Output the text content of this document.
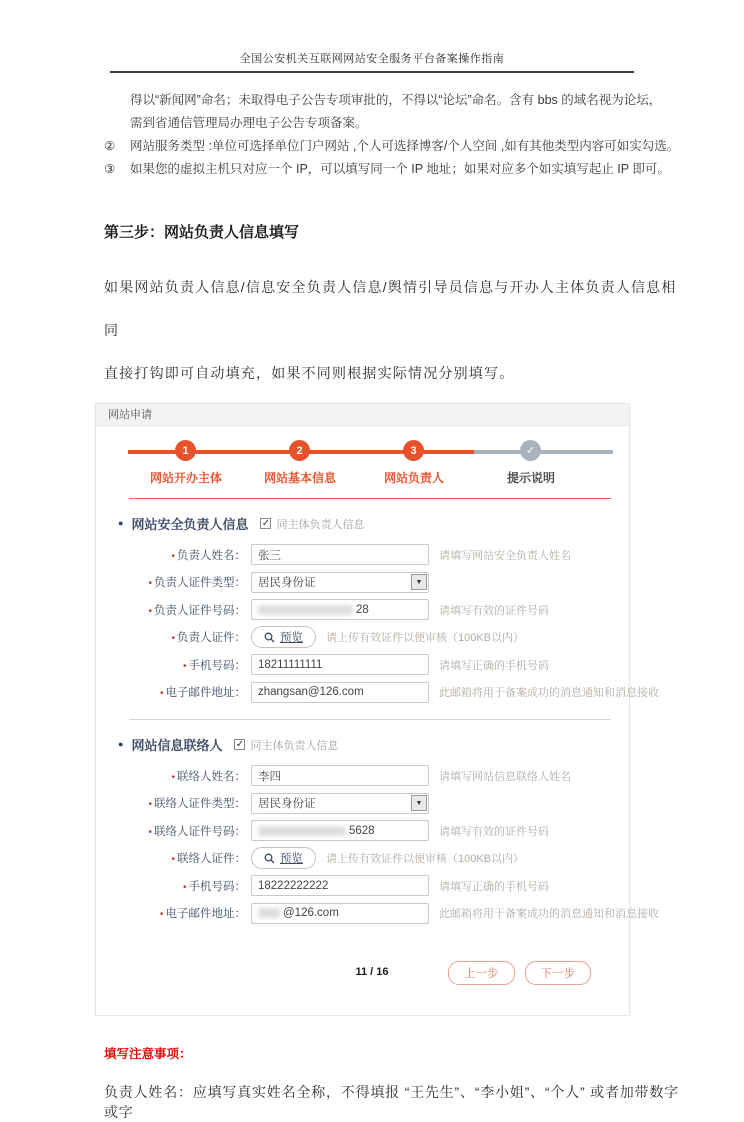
全国公安机关互联网网站安全服务平台备案操作指南
得以“新闻网”命名；未取得电子公告专项审批的，不得以“论坛”命名。含有 bbs 的域名视为论坛，
需到省通信管理局办理电子公告专项备案。
②	网站服务类型 :单位可选择单位门户网站 ,个人可选择博客/个人空间 ,如有其他类型内容可如实勾选。
③	如果您的虚拟主机只对应一个 IP，可以填写同一个 IP 地址；如果对应多个如实填写起止 IP 即可。
第三步：网站负责人信息填写

如果网站负责人信息/信息安全负责人信息/舆情引导员信息与开办人主体负责人信息相同
直接打钩即可自动填充，如果不同则根据实际情况分别填写。

网站申请
1	2	3	✓
网站开办主体	网站基本信息	网站负责人	提示说明
● 网站安全负责人信息 ✓ 同主体负责人信息
• 负责人姓名：
张三	请填写网站安全负责人姓名
• 负责人证件类型： 居民身份证	▼
• 负责人证件号码：	28	请填写有效的证件号码
• 负责人证件：	预览 请上传有效证件以便审核（100KB以内）
• 手机号码：
18211111111	请填写正确的手机号码
• 电子邮件地址：
zhangsan@126.com	此邮箱将用于备案成功的消息通知和消息接收
● 网站信息联络人 ✓ 同主体负责人信息
• 联络人姓名：
李四	请填写网站信息联络人姓名
• 联络人证件类型： 居民身份证	▼
• 联络人证件号码：	5628	请填写有效的证件号码
• 联络人证件：	预览 请上传有效证件以便审核（100KB以内）
• 手机号码：
18222222222	请填写正确的手机号码
• 电子邮件地址：	@126.com	此邮箱将用于备案成功的消息通知和消息接收
上一步	下一步
填写注意事项：

负责人姓名：应填写真实姓名全称，不得填报 “王先生”、“李小姐”、“个人” 或者加带数字或字

11 / 16
